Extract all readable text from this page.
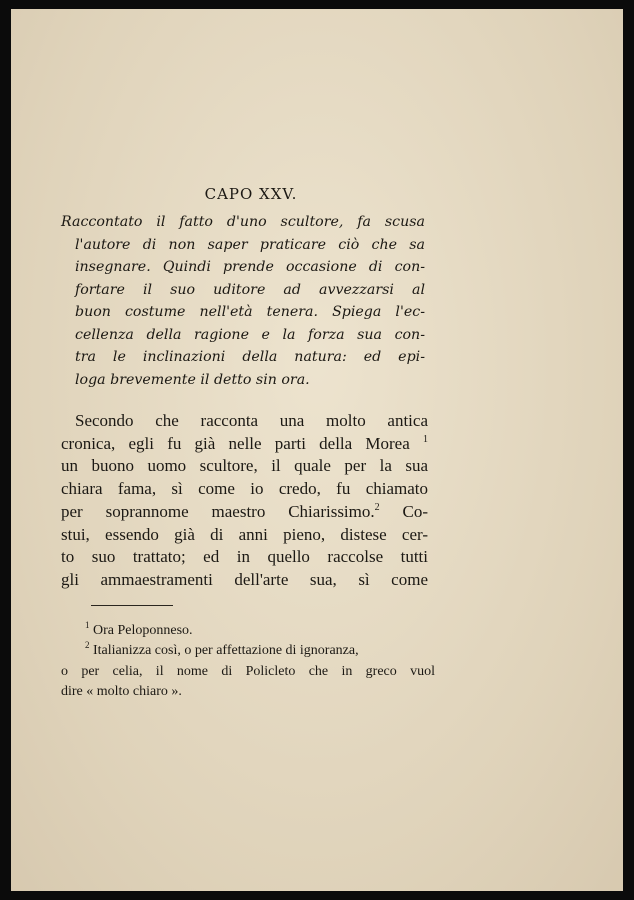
CAPO XXV.
Raccontato il fatto d'uno scultore, fa scusa
l'autore di non saper praticare ciò che sa
insegnare. Quindi prende occasione di con-
fortare il suo uditore ad avvezzarsi al
buon costume nell'età tenera. Spiega l'ec-
cellenza della ragione e la forza sua con-
tra le inclinazioni della natura: ed epi-
loga brevemente il detto sin ora.
Secondo che racconta una molto antica
cronica, egli fu già nelle parti della Morea $^1$
un buono uomo scultore, il quale per la sua
chiara fama, sì come io credo, fu chiamato
per soprannome maestro Chiarissimo.$^2$ Co-
stui, essendo già di anni pieno, distese cer-
to suo trattato; ed in quello raccolse tutti
gli ammaestramenti dell'arte sua, sì come
$^1$ Ora Peloponneso.
$^2$ Italianizza così, o per affettazione di ignoranza,
o per celia, il nome di Policleto che in greco vuol
dire « molto chiaro ».
